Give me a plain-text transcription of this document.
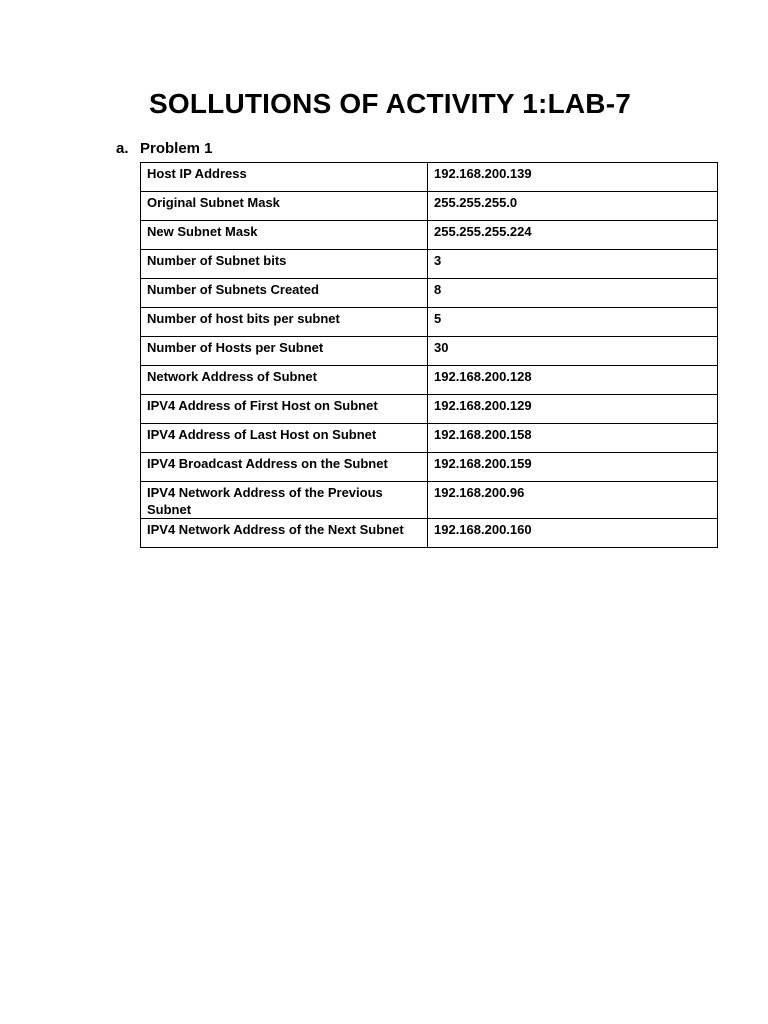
SOLLUTIONS OF ACTIVITY 1:LAB-7
a. Problem 1
Host IP Address	192.168.200.139
Original Subnet Mask	255.255.255.0
New Subnet Mask	255.255.255.224
Number of Subnet bits	3
Number of Subnets Created	8
Number of host bits per subnet	5
Number of Hosts per Subnet	30
Network Address of Subnet	192.168.200.128
IPV4 Address of First Host on Subnet	192.168.200.129
IPV4 Address of Last Host on Subnet	192.168.200.158
IPV4 Broadcast Address on the Subnet	192.168.200.159
IPV4 Network Address of the Previous Subnet	192.168.200.96
IPV4 Network Address of the Next Subnet	192.168.200.160
